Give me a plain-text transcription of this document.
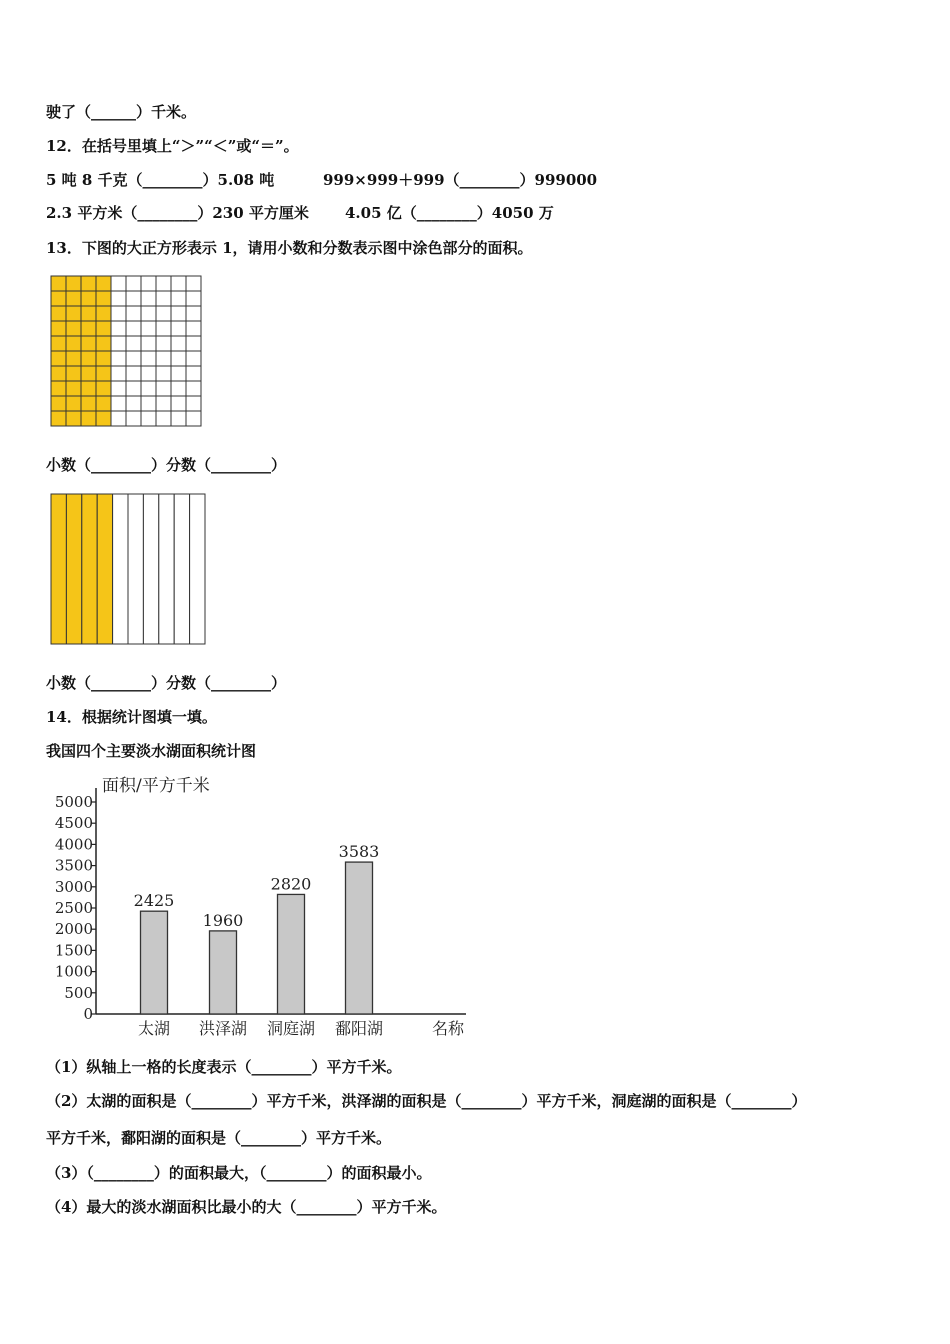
驶了（______）千米。
12．在括号里填上“＞”“＜”或“＝”。
5 吨 8 千克（________）5.08 吨	999×999＋999（________）999000
2.3 平方米（________）230 平方厘米 4.05 亿（________）4050 万
13．下图的大正方形表示 1，请用小数和分数表示图中涂色部分的面积。
小数（________）分数（________）
小数（________）分数（________）
14．根据统计图填一填。
我国四个主要淡水湖面积统计图
面积/平方千米
0
500
1000
1500
2000
2500
3000
3500
4000
4500
5000
2425
太湖
1960
洪泽湖
2820
洞庭湖
3583
鄱阳湖	名称
（1）纵轴上一格的长度表示（________）平方千米。
（2）太湖的面积是（________）平方千米，洪泽湖的面积是（________）平方千米，洞庭湖的面积是（________）
平方千米，鄱阳湖的面积是（________）平方千米。
（3）（________）的面积最大，（________）的面积最小。
（4）最大的淡水湖面积比最小的大（________）平方千米。
